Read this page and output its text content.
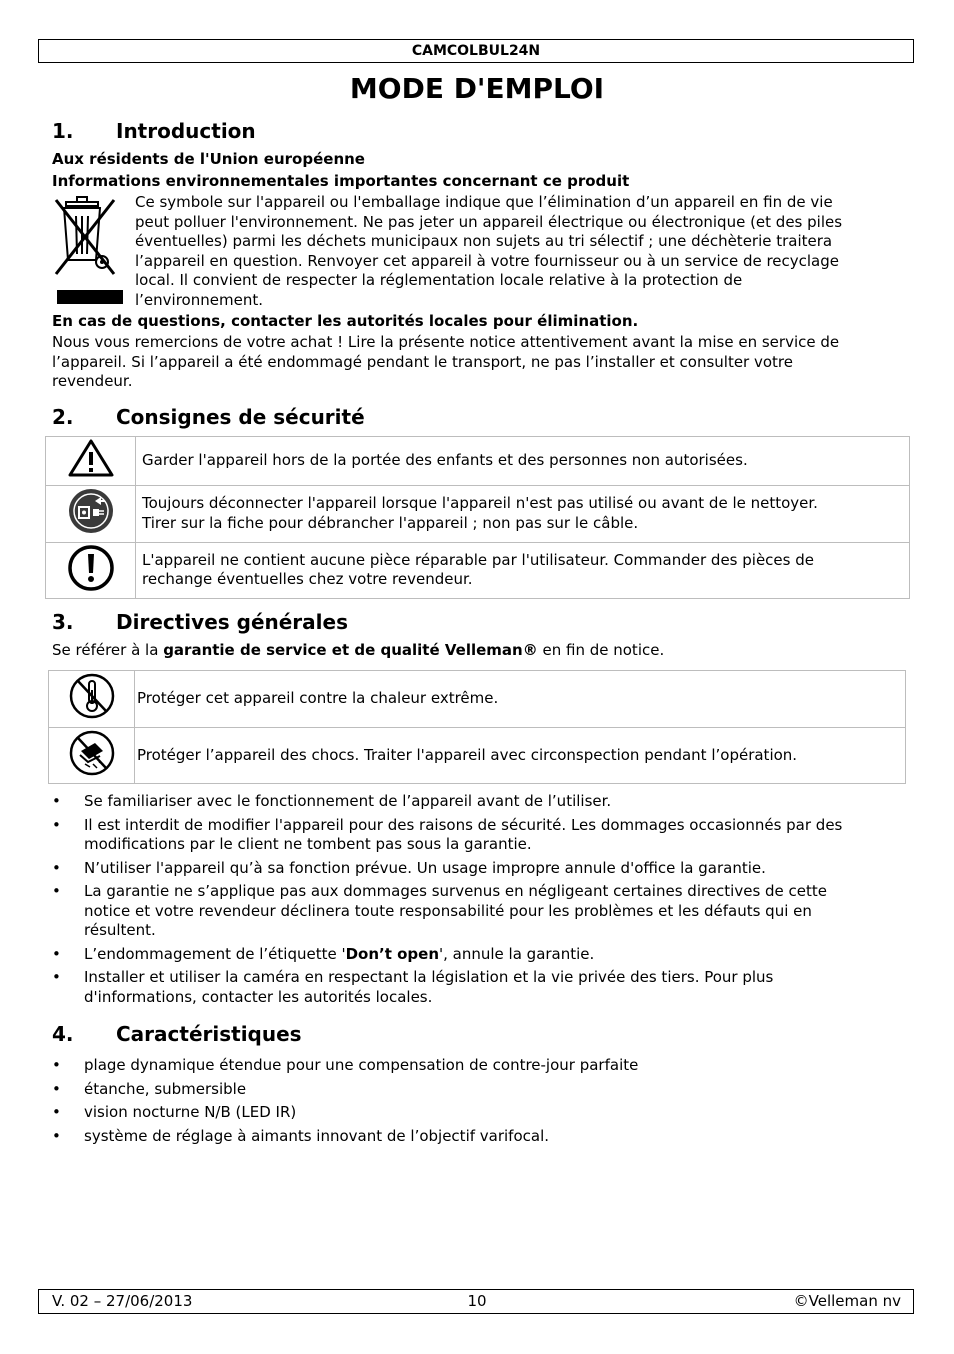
CAMCOLBUL24N
MODE D'EMPLOI
1. Introduction
Aux résidents de l'Union européenne
Informations environnementales importantes concernant ce produit
Ce symbole sur l'appareil ou l'emballage indique que l’élimination d’un appareil en fin de vie
peut polluer l'environnement. Ne pas jeter un appareil électrique ou électronique (et des piles
éventuelles) parmi les déchets municipaux non sujets au tri sélectif ; une déchèterie traitera
l’appareil en question. Renvoyer cet appareil à votre fournisseur ou à un service de recyclage
local. Il convient de respecter la réglementation locale relative à la protection de
l’environnement.
En cas de questions, contacter les autorités locales pour élimination.
Nous vous remercions de votre achat ! Lire la présente notice attentivement avant la mise en service de
l’appareil. Si l’appareil a été endommagé pendant le transport, ne pas l’installer et consulter votre
revendeur.
2. Consignes de sécurité

Garder l'appareil hors de la portée des enfants et des personnes non autorisées.

Toujours déconnecter l'appareil lorsque l'appareil n'est pas utilisé ou avant de le nettoyer.
Tirer sur la fiche pour débrancher l'appareil ; non pas sur le câble.

L'appareil ne contient aucune pièce réparable par l'utilisateur. Commander des pièces de
rechange éventuelles chez votre revendeur.
3. Directives générales
Se référer à la garantie de service et de qualité Velleman® en fin de notice.
	Protéger cet appareil contre la chaleur extrême.
	Protéger l’appareil des chocs. Traiter l'appareil avec circonspection pendant l’opération.
• Se familiariser avec le fonctionnement de l’appareil avant de l’utiliser.
• Il est interdit de modifier l'appareil pour des raisons de sécurité. Les dommages occasionnés par des
modifications par le client ne tombent pas sous la garantie.
• N’utiliser l'appareil qu’à sa fonction prévue. Un usage impropre annule d'office la garantie.
• La garantie ne s’applique pas aux dommages survenus en négligeant certaines directives de cette
notice et votre revendeur déclinera toute responsabilité pour les problèmes et les défauts qui en
résultent.
• L’endommagement de l’étiquette 'Don’t open', annule la garantie.
• Installer et utiliser la caméra en respectant la législation et la vie privée des tiers. Pour plus
d'informations, contacter les autorités locales.
4. Caractéristiques
• plage dynamique étendue pour une compensation de contre-jour parfaite
• étanche, submersible
• vision nocturne N/B (LED IR)
• système de réglage à aimants innovant de l’objectif varifocal.
V. 02 – 27/06/2013	10	©Velleman nv
